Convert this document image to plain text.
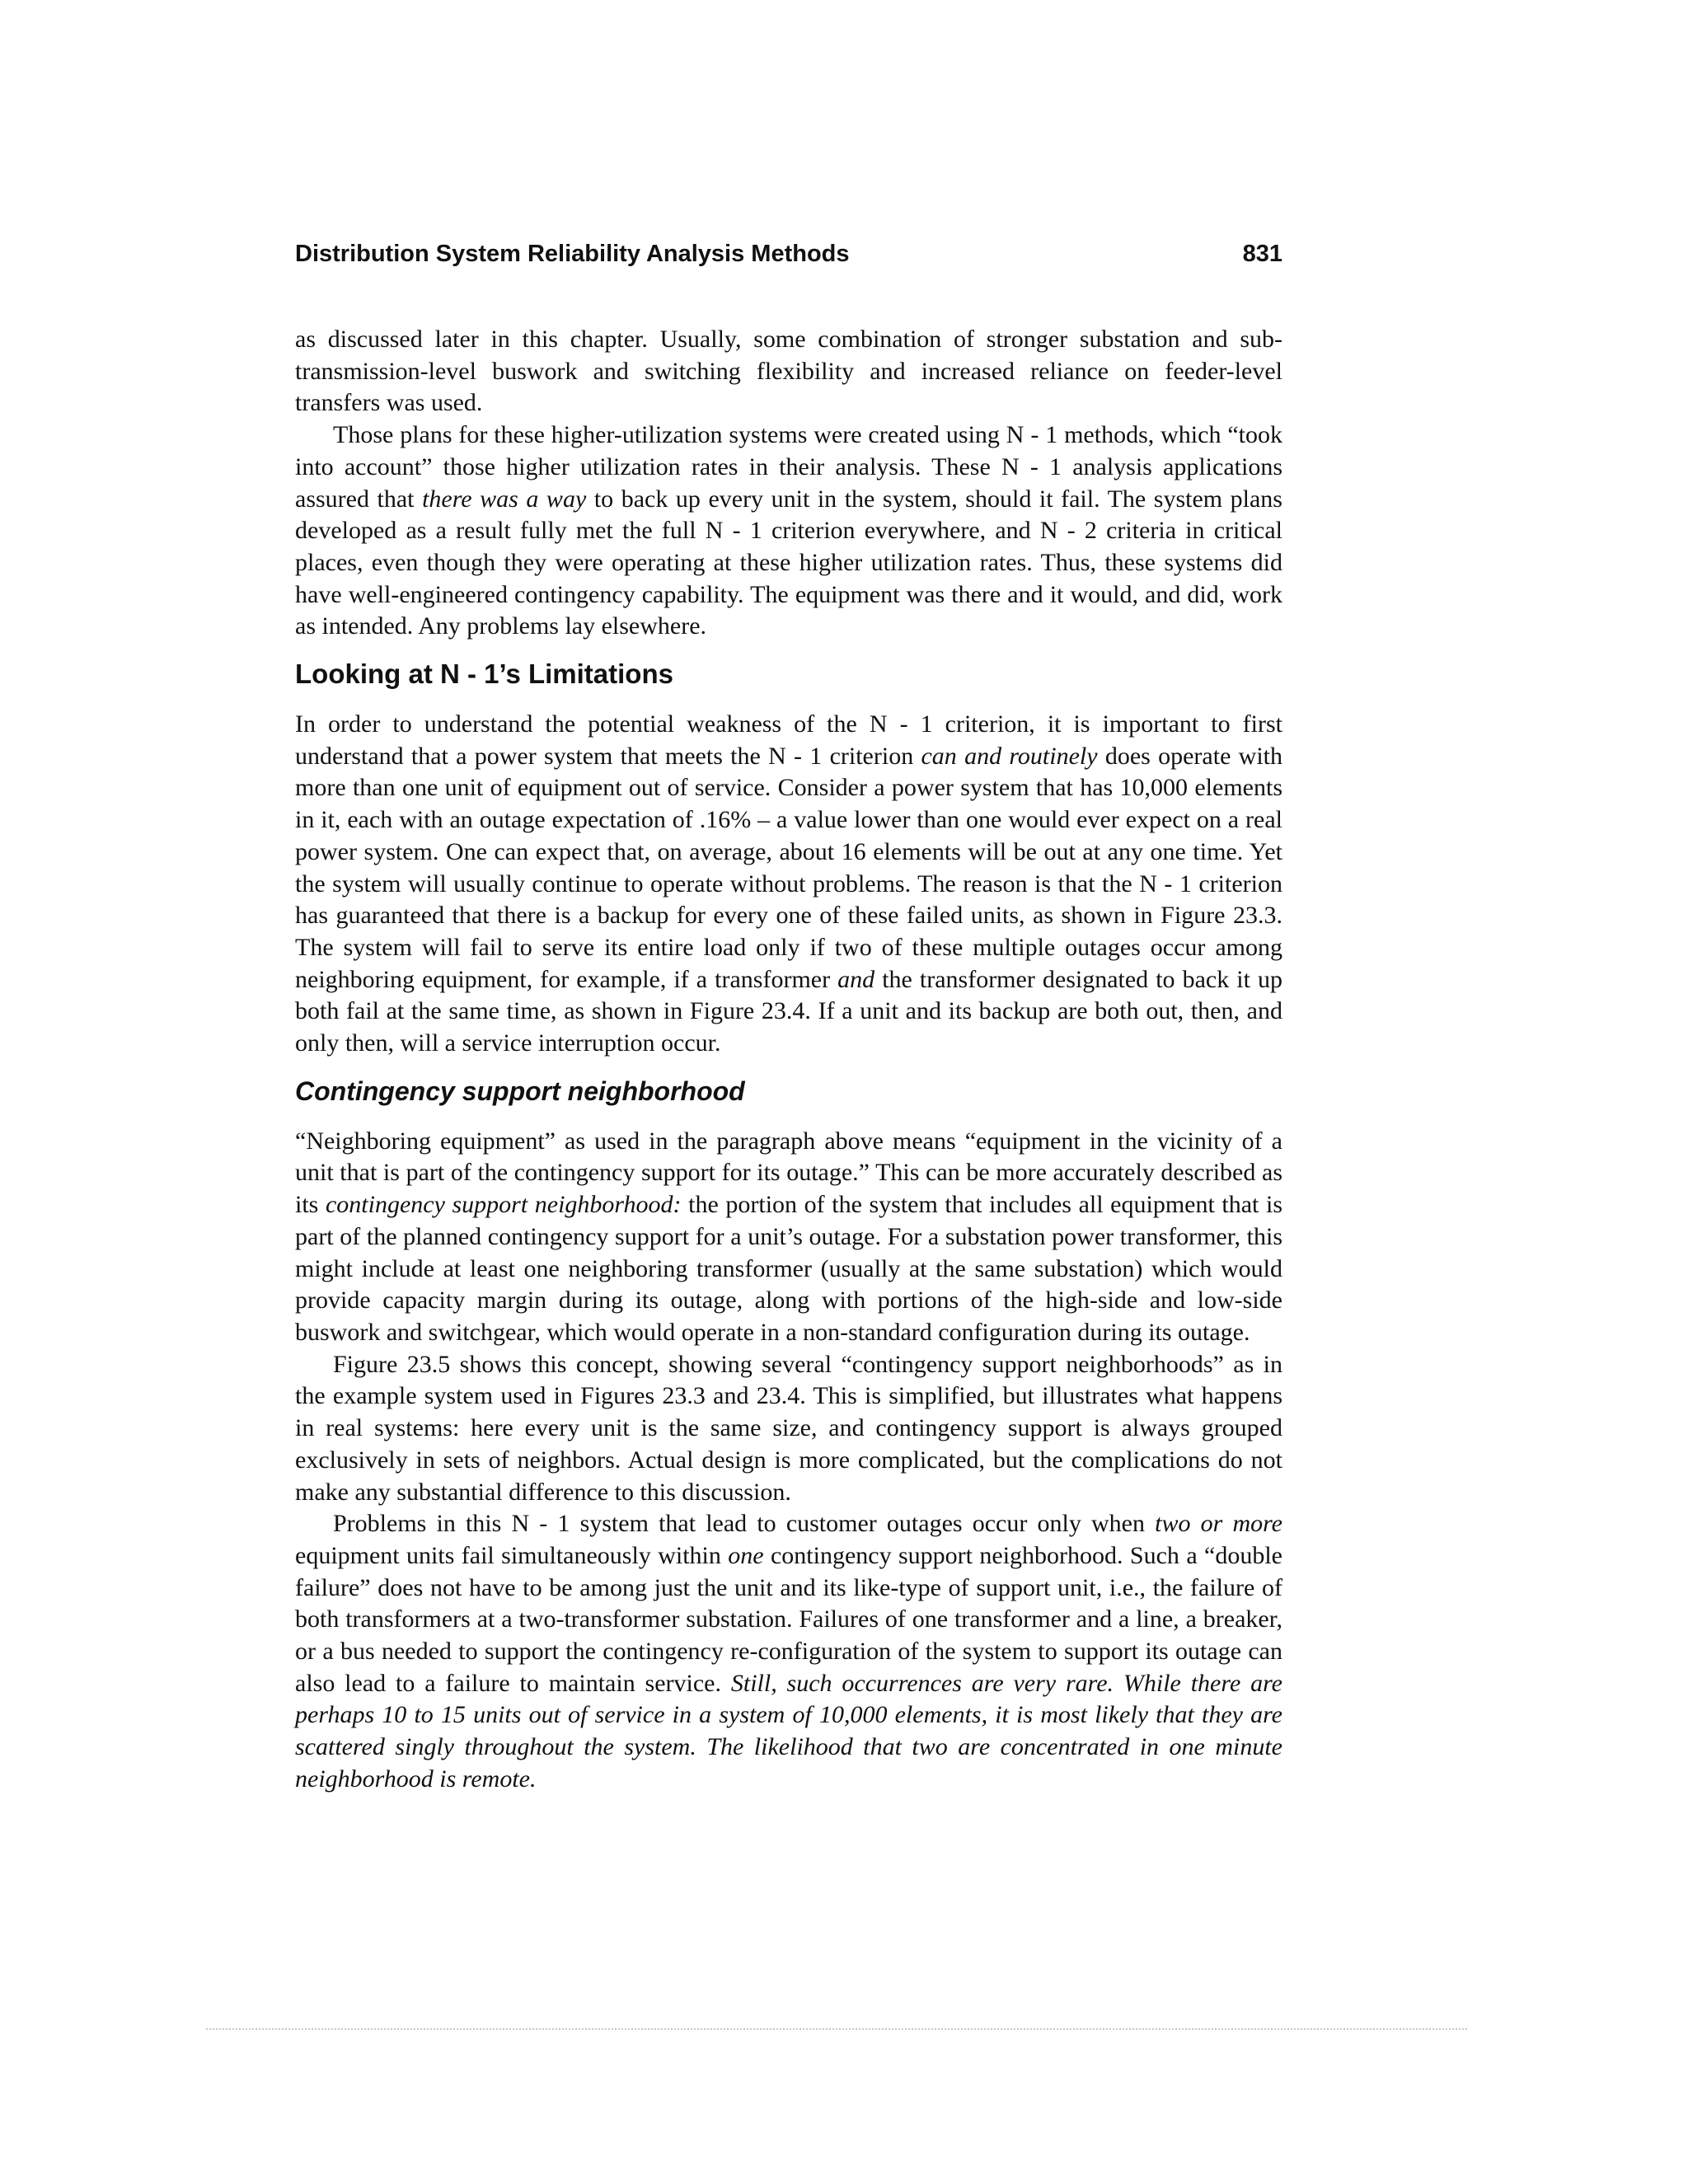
Distribution System Reliability Analysis Methods	831

as discussed later in this chapter. Usually, some combination of stronger substation and sub-transmission-level buswork and switching flexibility and increased reliance on feeder-level transfers was used.

Those plans for these higher-utilization systems were created using N - 1 methods, which “took into account” those higher utilization rates in their analysis. These N - 1 analysis applications assured that there was a way to back up every unit in the system, should it fail. The system plans developed as a result fully met the full N - 1 criterion everywhere, and N - 2 criteria in critical places, even though they were operating at these higher utilization rates. Thus, these systems did have well-engineered contingency capability. The equipment was there and it would, and did, work as intended. Any problems lay elsewhere.

Looking at N - 1’s Limitations

In order to understand the potential weakness of the N - 1 criterion, it is important to first understand that a power system that meets the N - 1 criterion can and routinely does operate with more than one unit of equipment out of service. Consider a power system that has 10,000 elements in it, each with an outage expectation of .16% – a value lower than one would ever expect on a real power system. One can expect that, on average, about 16 elements will be out at any one time. Yet the system will usually continue to operate without problems. The reason is that the N - 1 criterion has guaranteed that there is a backup for every one of these failed units, as shown in Figure 23.3. The system will fail to serve its entire load only if two of these multiple outages occur among neighboring equipment, for example, if a transformer and the transformer designated to back it up both fail at the same time, as shown in Figure 23.4. If a unit and its backup are both out, then, and only then, will a service interruption occur.

Contingency support neighborhood

“Neighboring equipment” as used in the paragraph above means “equipment in the vicinity of a unit that is part of the contingency support for its outage.” This can be more accurately described as its contingency support neighborhood: the portion of the system that includes all equipment that is part of the planned contingency support for a unit’s outage. For a substation power transformer, this might include at least one neighboring transformer (usually at the same substation) which would provide capacity margin during its outage, along with portions of the high-side and low-side buswork and switchgear, which would operate in a non-standard configuration during its outage.

Figure 23.5 shows this concept, showing several “contingency support neighborhoods” as in the example system used in Figures 23.3 and 23.4. This is simplified, but illustrates what happens in real systems: here every unit is the same size, and contingency support is always grouped exclusively in sets of neighbors. Actual design is more complicated, but the complications do not make any substantial difference to this discussion.

Problems in this N - 1 system that lead to customer outages occur only when two or more equipment units fail simultaneously within one contingency support neighborhood. Such a “double failure” does not have to be among just the unit and its like-type of support unit, i.e., the failure of both transformers at a two-transformer substation. Failures of one transformer and a line, a breaker, or a bus needed to support the contingency re-configuration of the system to support its outage can also lead to a failure to maintain service. Still, such occurrences are very rare. While there are perhaps 10 to 15 units out of service in a system of 10,000 elements, it is most likely that they are scattered singly throughout the system. The likelihood that two are concentrated in one minute neighborhood is remote.
